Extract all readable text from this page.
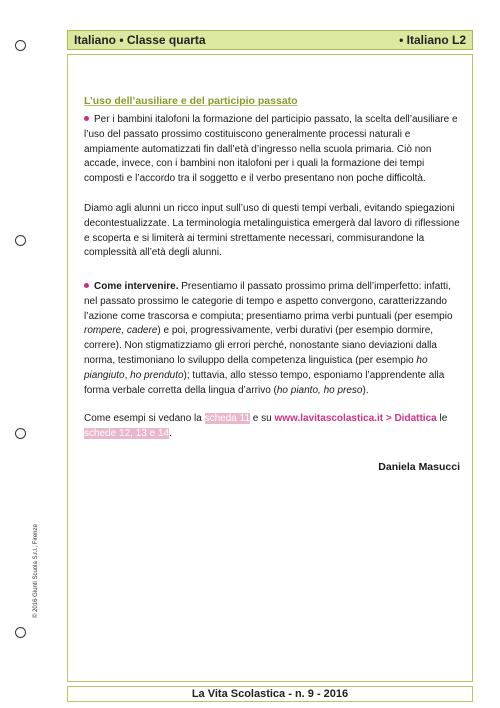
Italiano • Classe quarta	• Italiano L2
L’uso dell’ausiliare e del participio passato

Per i bambini italofoni la formazione del participio passato, la scelta dell’ausiliare e l’uso del passato prossimo costituiscono generalmente processi naturali e ampiamente automatizzati fin dall’età d’ingresso nella scuola primaria. Ciò non accade, invece, con i bambini non italofoni per i quali la formazione dei tempi composti e l’accordo tra il soggetto e il verbo presentano non poche difficoltà.

Diamo agli alunni un ricco input sull’uso di questi tempi verbali, evitando spiegazioni decontestualizzate. La terminologia metalinguistica emergerà dal lavoro di riflessione e scoperta e si limiterà ai termini strettamente necessari, commisurandone la complessità all’età degli alunni.

Come intervenire. Presentiamo il passato prossimo prima dell’imperfetto: infatti, nel passato prossimo le categorie di tempo e aspetto convergono, caratterizzando l’azione come trascorsa e compiuta; presentiamo prima verbi puntuali (per esempio rompere, cadere) e poi, progressivamente, verbi durativi (per esempio dormire, correre). Non stigmatizziamo gli errori perché, nonostante siano deviazioni dalla norma, testimoniano lo sviluppo della competenza linguistica (per esempio ho piangiuto, ho prenduto); tuttavia, allo stesso tempo, esponiamo l’apprendente alla forma verbale corretta della lingua d’arrivo (ho pianto, ho preso).

Come esempi si vedano la scheda 11 e su www.lavitascolastica.it > Didattica le schede 12, 13 e 14.

Daniela Masucci
© 2016 Giunti Scuola S.r.l., Firenze
La Vita Scolastica - n. 9 - 2016
